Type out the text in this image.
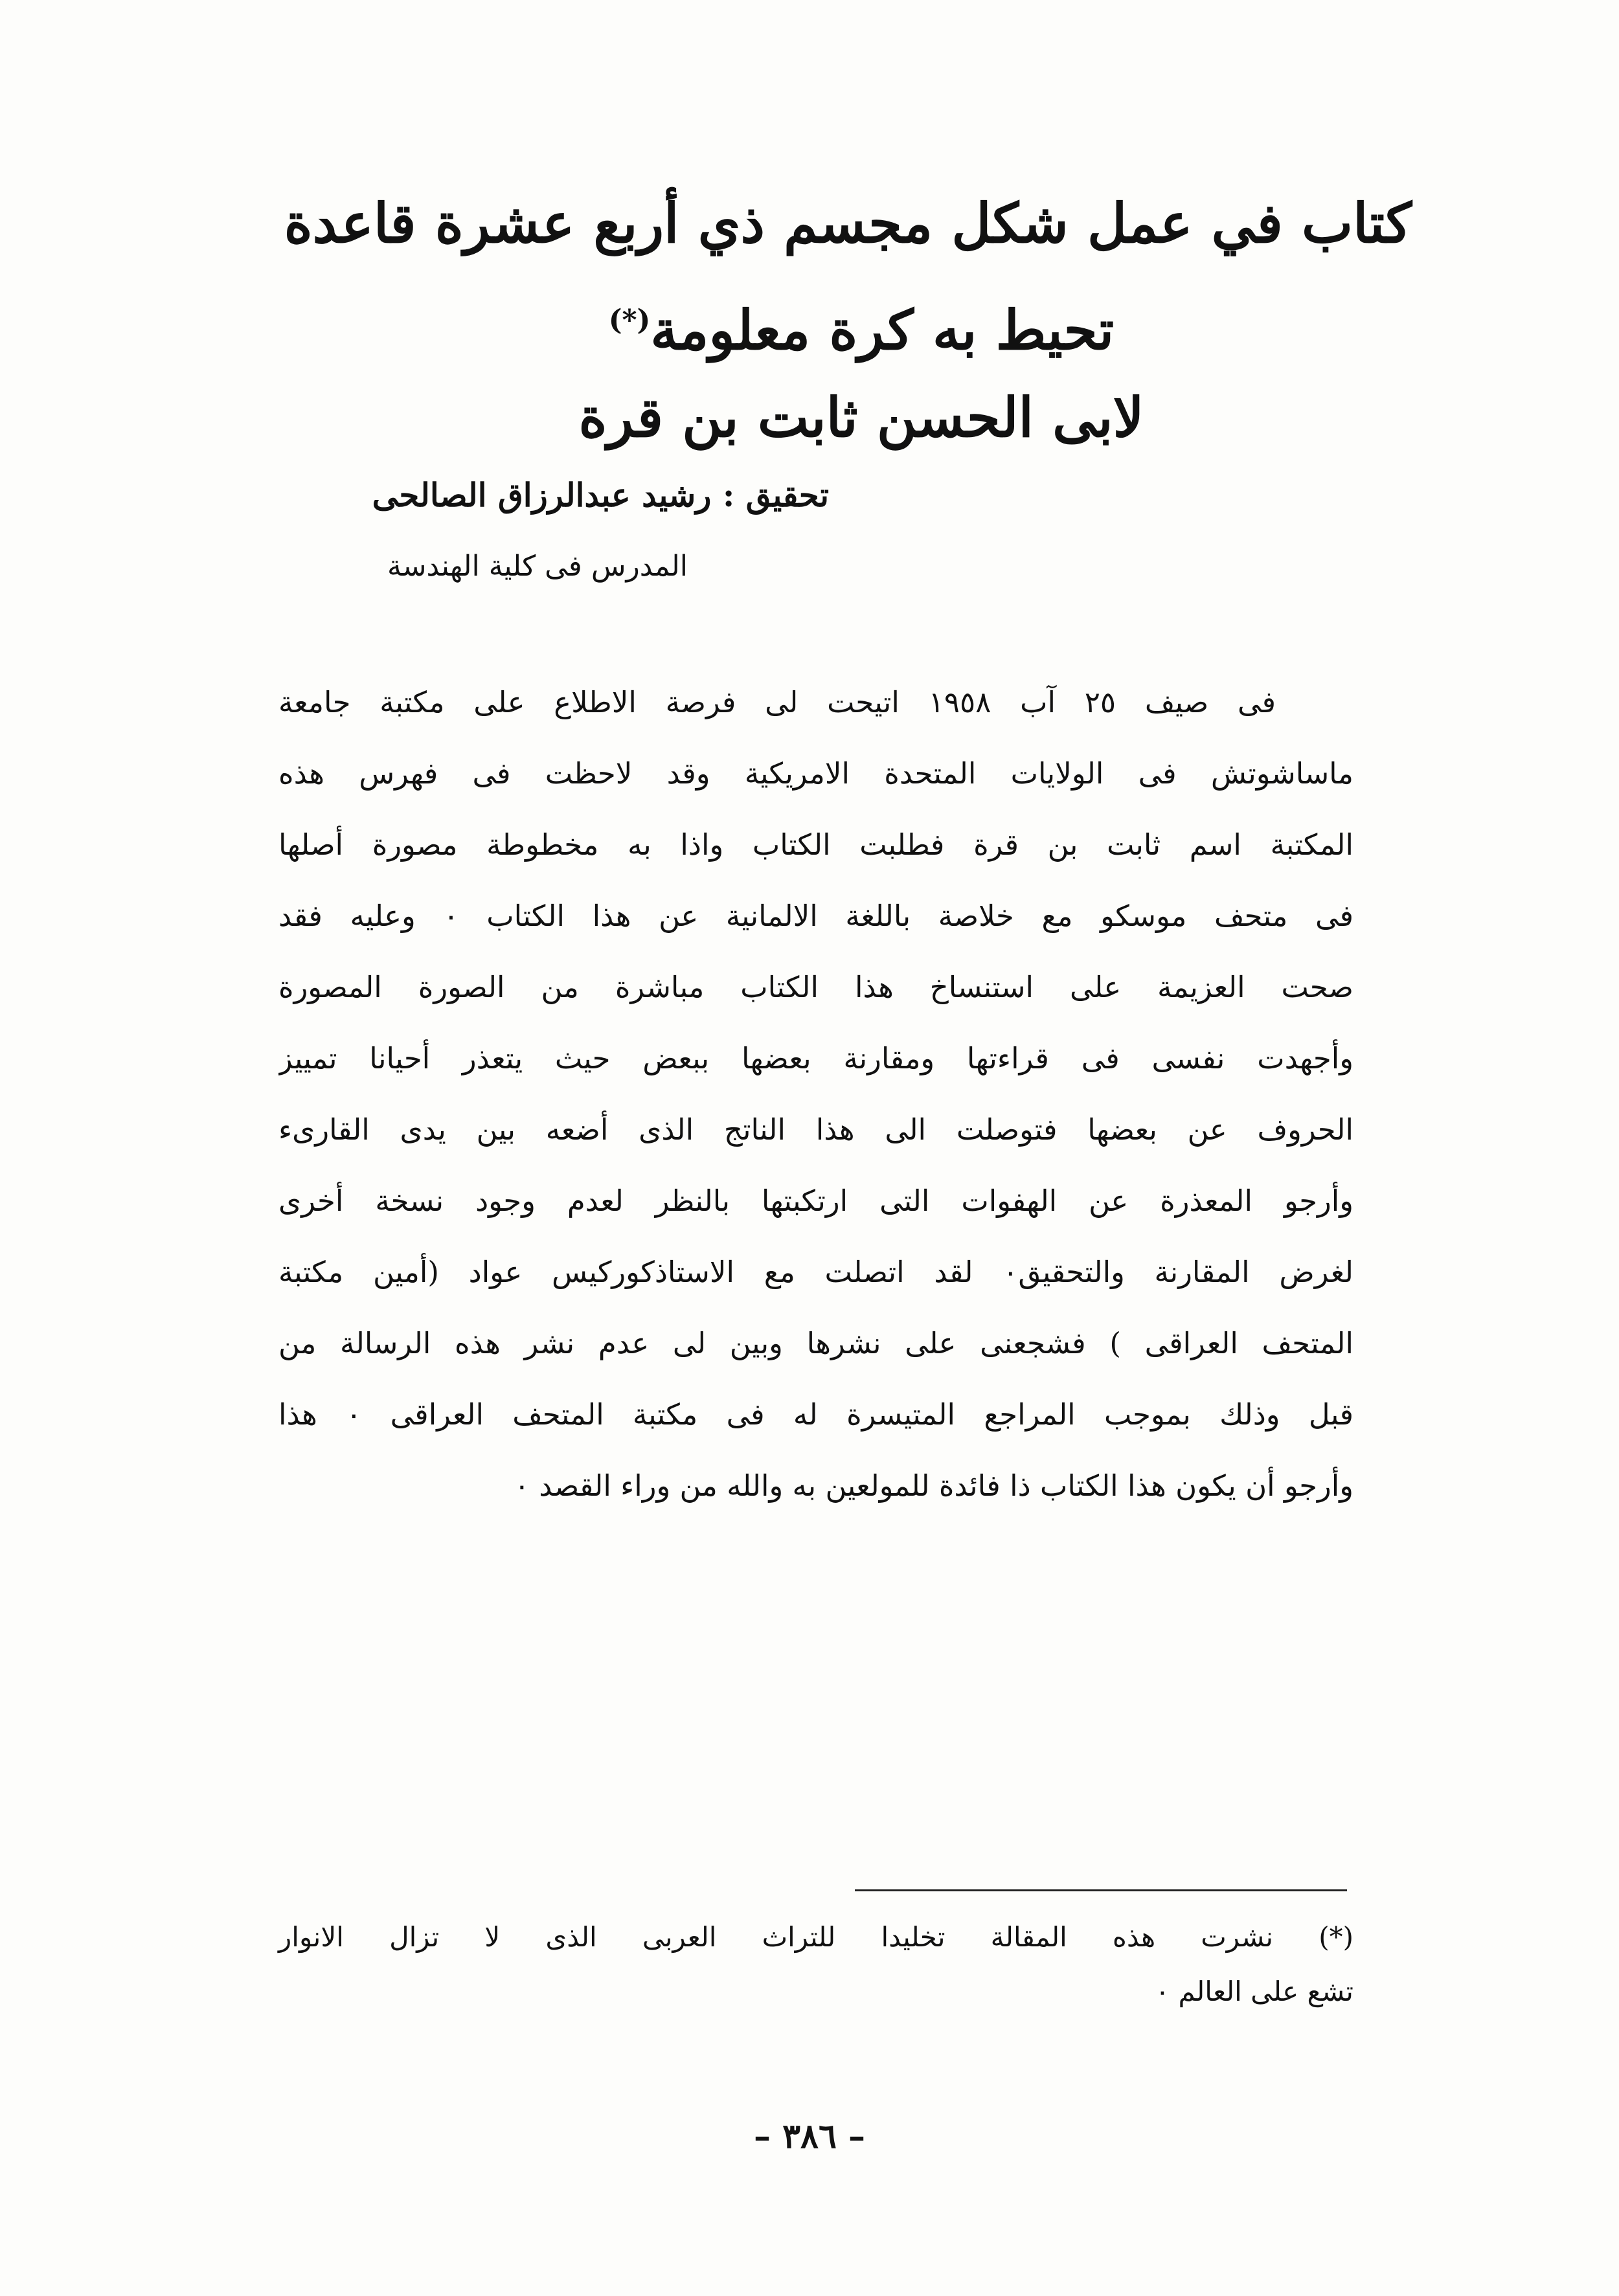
كتاب في عمل شكل مجسم ذي أربع عشرة قاعدة
تحيط به كرة معلومة(*)
لابى الحسن ثابت بن قرة
تحقيق : رشيد عبدالرزاق الصالحى
المدرس فى كلية الهندسة
فى صيف ٢٥ آب ١٩٥٨ اتيحت لى فرصة الاطلاع على مكتبة جامعة
ماساشوتش فى الولايات المتحدة الامريكية وقد لاحظت فى فهرس هذه
المكتبة اسم ثابت بن قرة فطلبت الكتاب واذا به مخطوطة مصورة أصلها
فى متحف موسكو مع خلاصة باللغة الالمانية عن هذا الكتاب ٠ وعليه فقد
صحت العزيمة على استنساخ هذا الكتاب مباشرة من الصورة المصورة
وأجهدت نفسى فى قراءتها ومقارنة بعضها ببعض حيث يتعذر أحيانا تمييز
الحروف عن بعضها فتوصلت الى هذا الناتج الذى أضعه بين يدى القارىء
وأرجو المعذرة عن الهفوات التى ارتكبتها بالنظر لعدم وجود نسخة أخرى
لغرض المقارنة والتحقيق٠ لقد اتصلت مع الاستاذكوركيس عواد (أمين مكتبة
المتحف العراقى ) فشجعنى على نشرها وبين لى عدم نشر هذه الرسالة من
قبل وذلك بموجب المراجع المتيسرة له فى مكتبة المتحف العراقى ٠ هذا
وأرجو أن يكون هذا الكتاب ذا فائدة للمولعين به والله من وراء القصد ٠
(*) نشرت هذه المقالة تخليدا للتراث العربى الذى لا تزال الانوار
تشع على العالم ٠
– ٣٨٦ –
